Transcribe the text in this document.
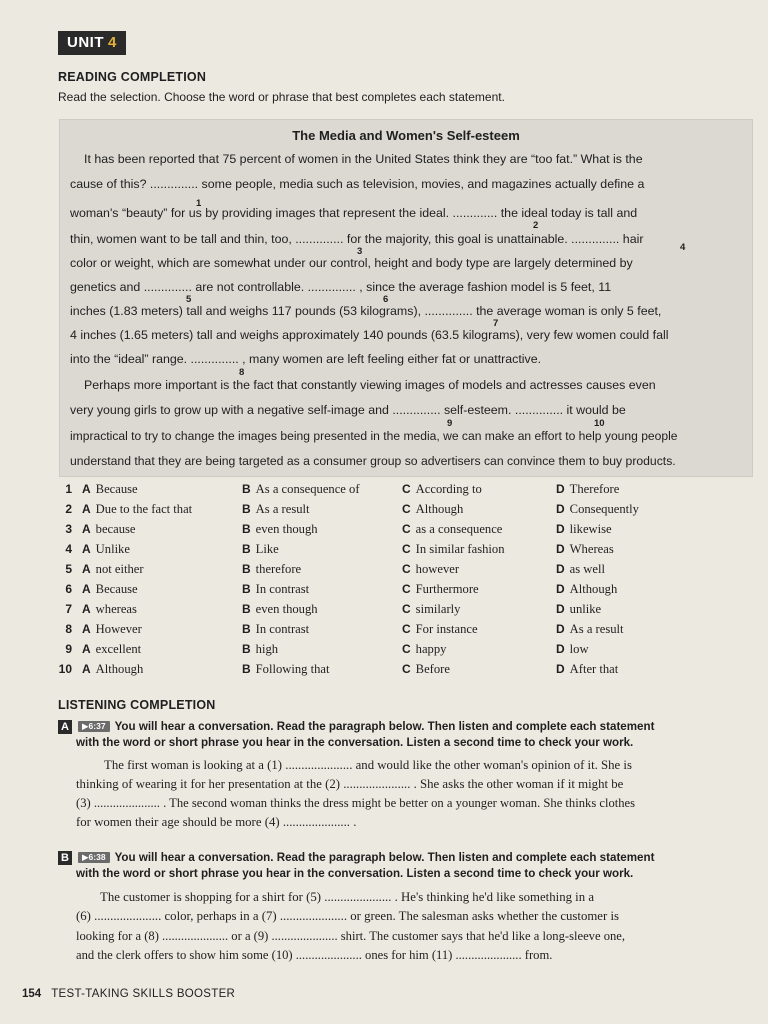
UNIT 4
READING COMPLETION
Read the selection. Choose the word or phrase that best completes each statement.
The Media and Women's Self-esteem
It has been reported that 75 percent of women in the United States think they are “too fat.” What is the
cause of this? .............. some people, media such as television, movies, and magazines actually define a
woman's “beauty” for us by providing images that represent the ideal. ............. the ideal today is tall and
thin, women want to be tall and thin, too, .............. for the majority, this goal is unattainable. .............. hair
color or weight, which are somewhat under our control, height and body type are largely determined by
genetics and .............. are not controllable. .............. , since the average fashion model is 5 feet, 11
inches (1.83 meters) tall and weighs 117 pounds (53 kilograms), .............. the average woman is only 5 feet,
4 inches (1.65 meters) tall and weighs approximately 140 pounds (63.5 kilograms), very few women could fall
into the “ideal” range. .............. , many women are left feeling either fat or unattractive.
Perhaps more important is the fact that constantly viewing images of models and actresses causes even
very young girls to grow up with a negative self-image and .............. self-esteem. .............. it would be
impractical to try to change the images being presented in the media, we can make an effort to help young people
understand that they are being targeted as a consumer group so advertisers can convince them to buy products.
1
2
3	4
5	6
7
8
9	10
1 A Because	B As a consequence of	C According to	D Therefore
2 A Due to the fact that	B As a result	C Although	D Consequently
3 A because	B even though	C as a consequence	D likewise
4 A Unlike	B Like	C In similar fashion	D Whereas
5 A not either	B therefore	C however	D as well
6 A Because	B In contrast	C Furthermore	D Although
7 A whereas	B even though	C similarly	D unlike
8 A However	B In contrast	C For instance	D As a result
9 A excellent	B high	C happy	D low
10 A Although	B Following that	C Before	D After that
LISTENING COMPLETION
A ▶6:37 You will hear a conversation. Read the paragraph below. Then listen and complete each statement
with the word or short phrase you hear in the conversation. Listen a second time to check your work.
The first woman is looking at a (1) ..................... and would like the other woman's opinion of it. She is
thinking of wearing it for her presentation at the (2) ..................... . She asks the other woman if it might be
(3) ..................... . The second woman thinks the dress might be better on a younger woman. She thinks clothes
for women their age should be more (4) ..................... .
B ▶6:38 You will hear a conversation. Read the paragraph below. Then listen and complete each statement
with the word or short phrase you hear in the conversation. Listen a second time to check your work.
The customer is shopping for a shirt for (5) ..................... . He's thinking he'd like something in a
(6) ..................... color, perhaps in a (7) ..................... or green. The salesman asks whether the customer is
looking for a (8) ..................... or a (9) ..................... shirt. The customer says that he'd like a long-sleeve one,
and the clerk offers to show him some (10) ..................... ones for him (11) ..................... from.
154 TEST-TAKING SKILLS BOOSTER
